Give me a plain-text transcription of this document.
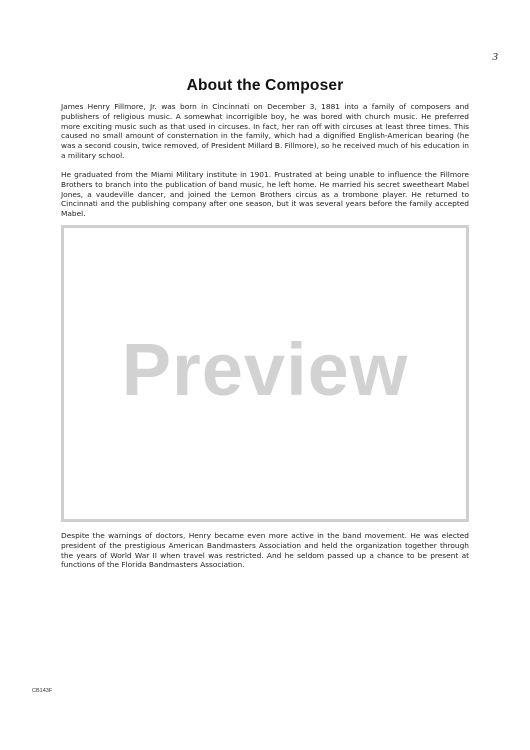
3
About the Composer

James Henry Fillmore, Jr. was born in Cincinnati on December 3, 1881 into a family of composers and publishers of religious music. A somewhat incorrigible boy, he was bored with church music. He preferred more exciting music such as that used in circuses. In fact, her ran off with circuses at least three times. This caused no small amount of consternation in the family, which had a dignified English-American bearing (he was a second cousin, twice removed, of President Millard B. Fillmore), so he received much of his education in a military school.

He graduated from the Miami Military institute in 1901. Frustrated at being unable to influence the Fillmore Brothers to branch into the publication of band music, he left home. He married his secret sweetheart Mabel Jones, a vaudeville dancer, and joined the Lemon Brothers circus as a trombone player. He returned to Cincinnati and the publishing company after one season, but it was several years before the family accepted Mabel.

Preview

Despite the warnings of doctors, Henry became even more active in the band movement. He was elected president of the prestigious American Bandmasters Association and held the organization together through the years of World War II when travel was restricted. And he seldom passed up a chance to be present at functions of the Florida Bandmasters Association.

CB143F
